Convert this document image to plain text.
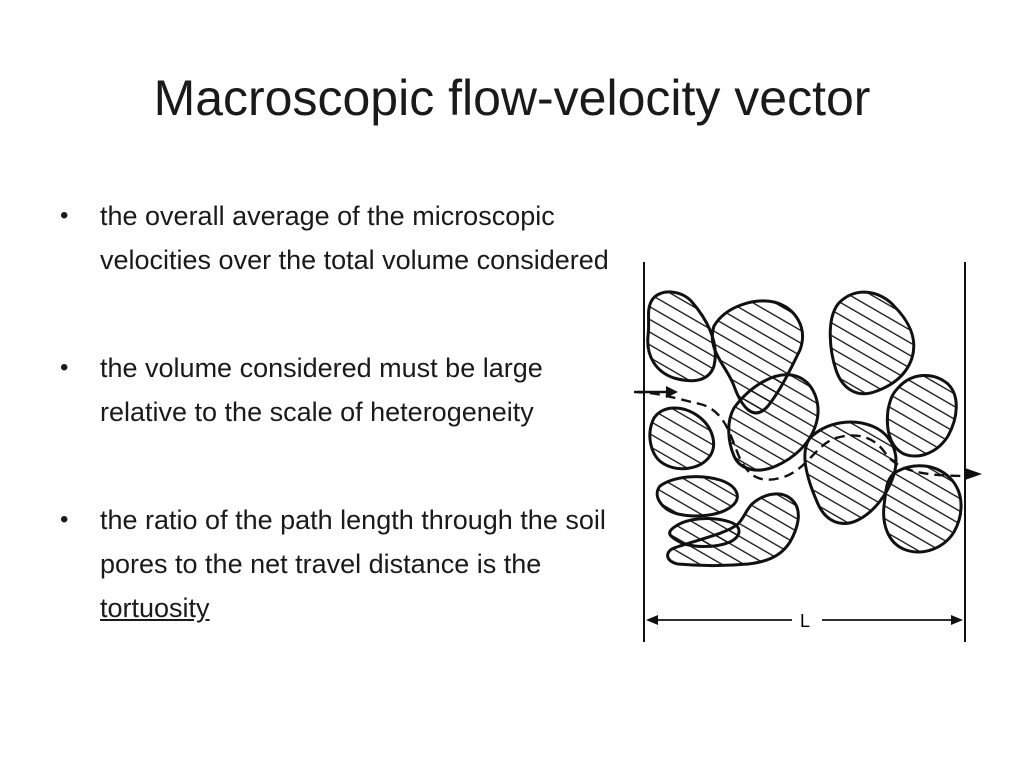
Macroscopic flow-velocity vector
• the overall average of the microscopic velocities over the total volume considered
• the volume considered must be large relative to the scale of heterogeneity
• the ratio of the path length through the soil pores to the net travel distance is the tortuosity	L
